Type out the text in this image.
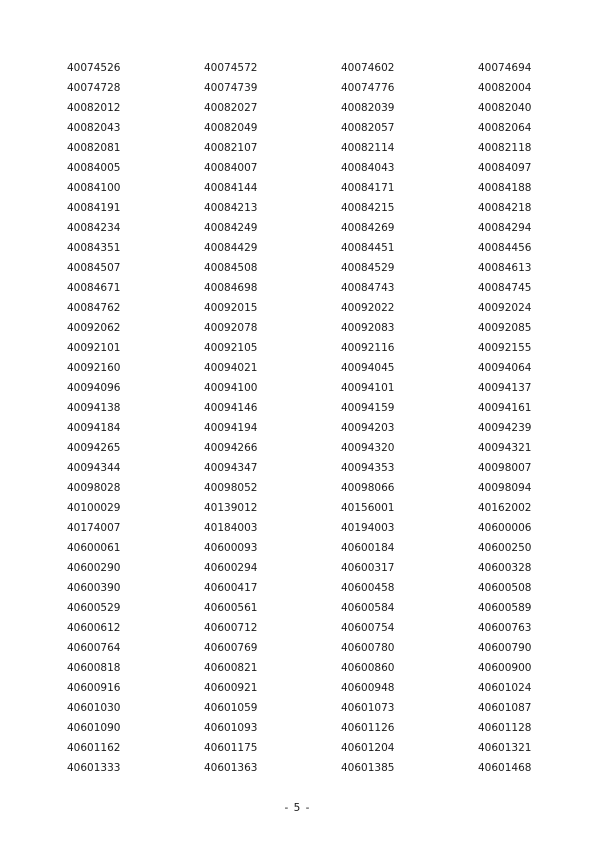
40074526	40074572	40074602	40074694
40074728	40074739	40074776	40082004
40082012	40082027	40082039	40082040
40082043	40082049	40082057	40082064
40082081	40082107	40082114	40082118
40084005	40084007	40084043	40084097
40084100	40084144	40084171	40084188
40084191	40084213	40084215	40084218
40084234	40084249	40084269	40084294
40084351	40084429	40084451	40084456
40084507	40084508	40084529	40084613
40084671	40084698	40084743	40084745
40084762	40092015	40092022	40092024
40092062	40092078	40092083	40092085
40092101	40092105	40092116	40092155
40092160	40094021	40094045	40094064
40094096	40094100	40094101	40094137
40094138	40094146	40094159	40094161
40094184	40094194	40094203	40094239
40094265	40094266	40094320	40094321
40094344	40094347	40094353	40098007
40098028	40098052	40098066	40098094
40100029	40139012	40156001	40162002
40174007	40184003	40194003	40600006
40600061	40600093	40600184	40600250
40600290	40600294	40600317	40600328
40600390	40600417	40600458	40600508
40600529	40600561	40600584	40600589
40600612	40600712	40600754	40600763
40600764	40600769	40600780	40600790
40600818	40600821	40600860	40600900
40600916	40600921	40600948	40601024
40601030	40601059	40601073	40601087
40601090	40601093	40601126	40601128
40601162	40601175	40601204	40601321
40601333	40601363	40601385	40601468
- 5 -
